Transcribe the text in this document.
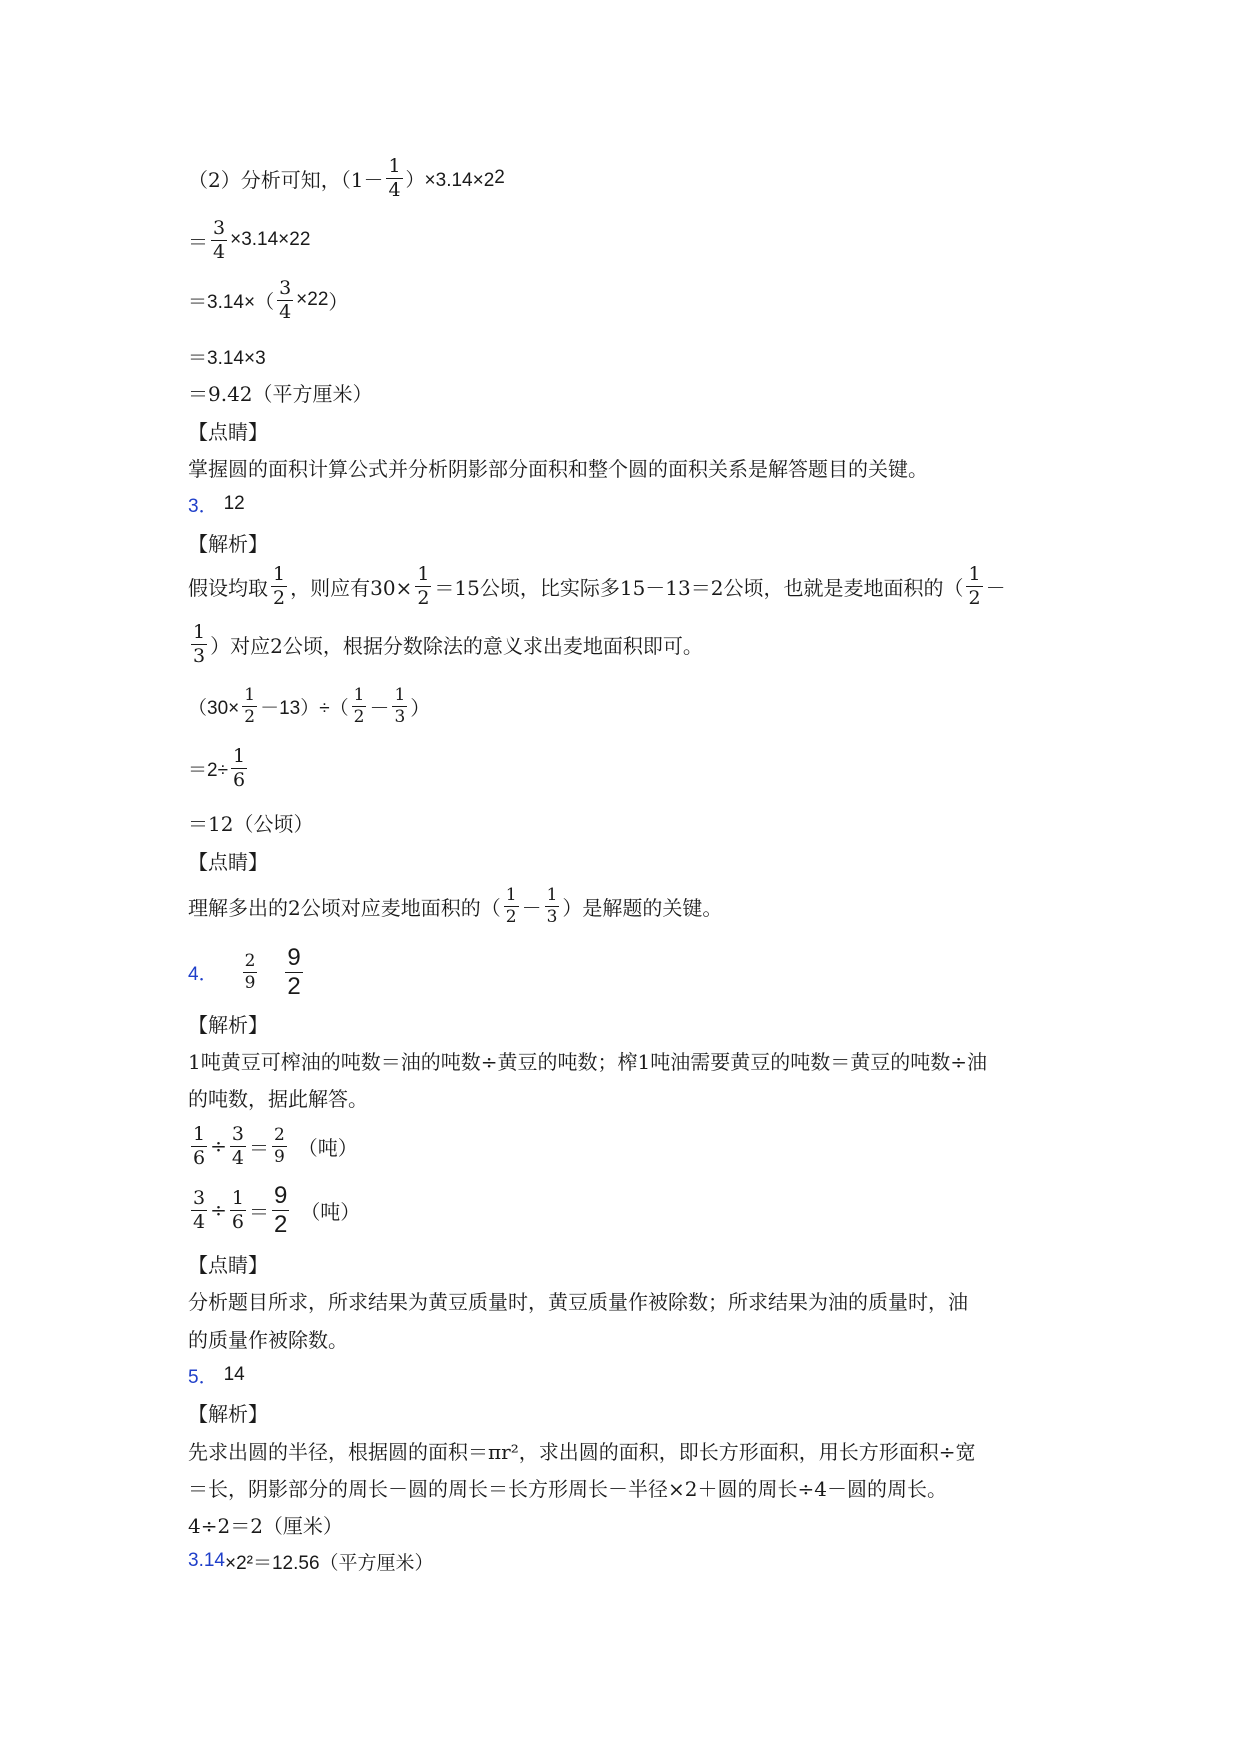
（2）分析可知，$(1- \frac{1}{4} )\times 3.14\times 2$ 2
＝ $\frac{3}{4} \times 3.14\times 2$ 2
$=3.14\times( \frac{3}{4} \times 2$ 2 ）
＝3.14×3
＝9.42（平方厘米）
【点睛】
掌握圆的面积计算公式并分析阴影部分面积和整个圆的面积关系是解答题目的关键。
3． 12
【解析】
假设均取 $\frac{1}{2}$ ，则应有$30\times \frac{1}{2} =15$公顷，比实际多15－13＝2公顷，也就是麦地面积的（ $\frac{1}{2}$ －
$\frac{1}{3}$ ）对应2公顷，根据分数除法的意义求出麦地面积即可。
$(30\times \frac{1}{2} -13)\div( \frac{1}{2} - \frac{1}{3}$ ）
$=2\div \frac{1}{6}$
＝12（公顷）
【点睛】
理解多出的2公顷对应麦地面积的（ $\frac{1}{2} - \frac{1}{3}$ ）是解题的关键。
4． $\frac{2}{9} \frac{9}{2}$
【解析】
1吨黄豆可榨油的吨数＝油的吨数÷黄豆的吨数；榨1吨油需要黄豆的吨数＝黄豆的吨数÷油
的吨数，据此解答。
$\frac{1}{6} \div \frac{3}{4} = \frac{2}{9}$ （吨）
$\frac{3}{4} \div \frac{1}{6} = \frac{9}{2}$ （吨）
【点睛】
分析题目所求，所求结果为黄豆质量时，黄豆质量作被除数；所求结果为油的质量时，油
的质量作被除数。
5． 14
【解析】
先求出圆的半径，根据圆的面积＝πr²，求出圆的面积，即长方形面积，用长方形面积÷宽
＝长，阴影部分的周长－圆的周长＝长方形周长－半径×2＋圆的周长÷4－圆的周长。
4÷2＝2（厘米）
3.14 ×2²＝12.56（平方厘米）
